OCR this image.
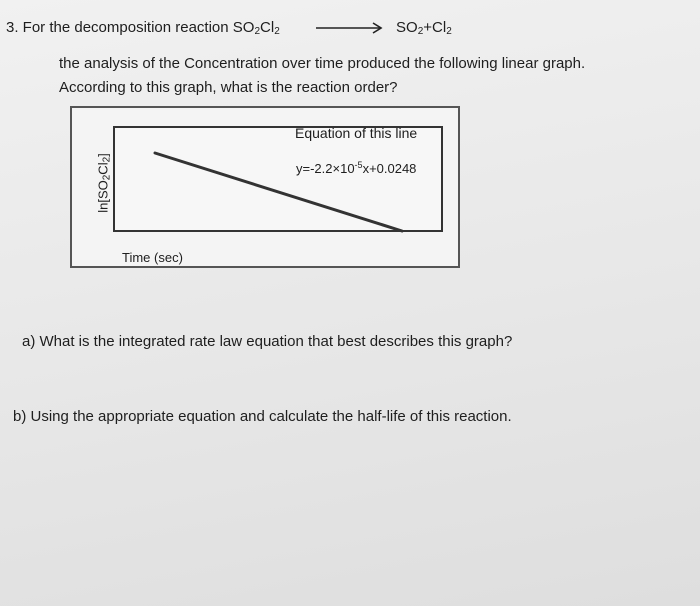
3. For the decomposition reaction $SO_2Cl_2$	$SO_2+Cl_2$
the analysis of the Concentration over time produced the following linear graph.
According to this graph, what is the reaction order?
$\ln[SO_2Cl_2]$
Time (sec)
Equation of this line
$y=-2.2\times 10^{-5}x+0.0248$
a) What is the integrated rate law equation that best describes this graph?
b) Using the appropriate equation and calculate the half-life of this reaction.
